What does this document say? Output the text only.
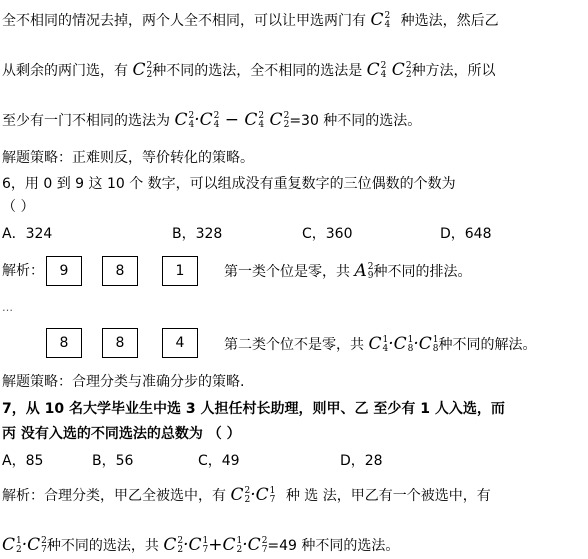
全不相同的情况去掉，两个人全不相同，可以让甲选两门有 C 2
4 种选法，然后乙
从剩余的两门选，有 C 2
2 种不同的选法，全不相同的选法是 C 2
4 C 2
2 种方法，所以
至少有一门不相同的选法为 C 2
4 ·C 2
4 − C 2
4 C 2
2 =30 种不同的选法。
解题策略：正难则反，等价转化的策略。
6，用 0 到 9 这 10 个 数字，可以组成没有重复数字的三位偶数的个数为
（ ）
A．324	B，328	C，360	D，648
解析：	9	8	1	第一类个位是零，共 A 2
9 种不同的排法。
…
8	8	4	第二类个位不是零，共 C 1
4 ·C 1
8 ·C 1
8 种不同的解法。
解题策略：合理分类与准确分步的策略.
7，从 10 名大学毕业生中选 3 人担任村长助理，则甲、乙 至少有 1 人入选，而
丙 没有入选的不同选法的总数为 （ ）
A，85	B，56	C，49	D，28
解析：合理分类，甲乙全被选中，有 C 2
2 ·C 1
7 种 选 法，甲乙有一个被选中，有
C 1
2 ·C 2
7 种不同的选法，共 C 2
2 ·C 1
7 +C 1
2 ·C 2
7 =49 种不同的选法。
